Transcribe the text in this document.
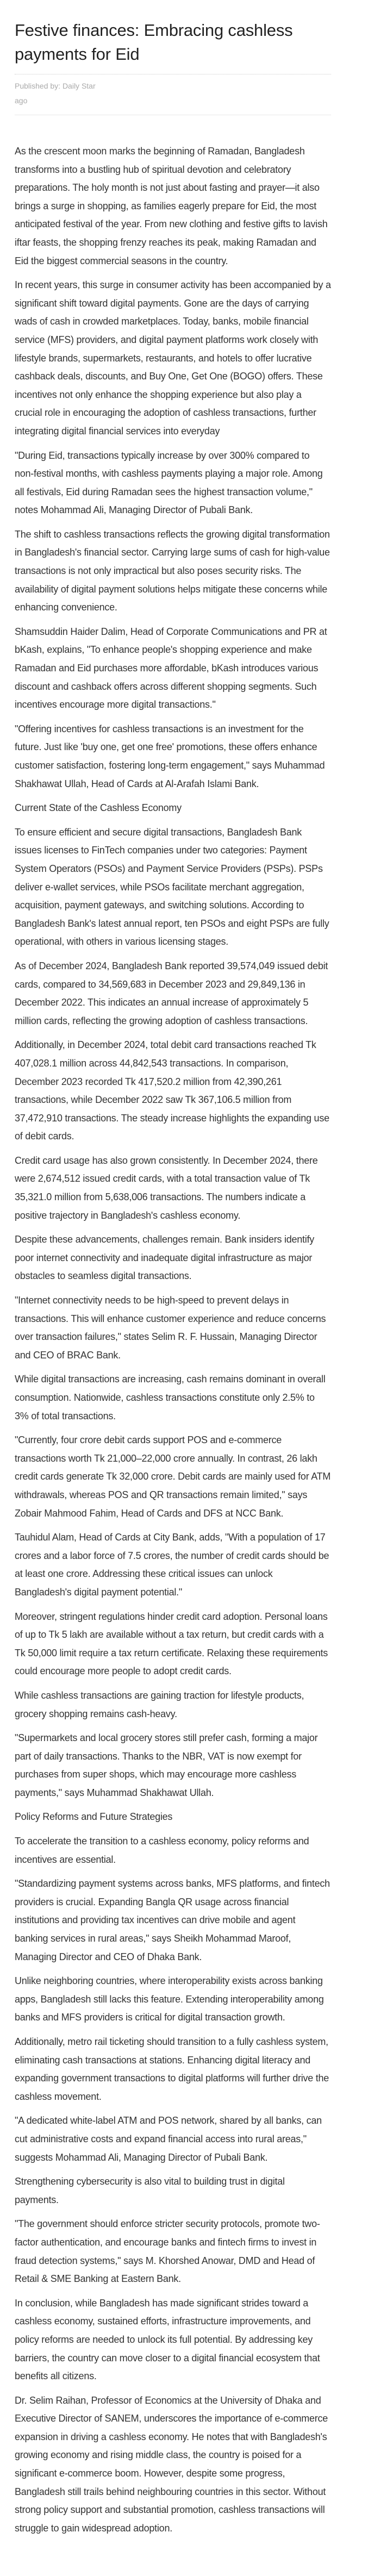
Festive finances: Embracing cashless payments for Eid
Published by: Daily Star
ago

As the crescent moon marks the beginning of Ramadan, Bangladesh transforms into a bustling hub of spiritual devotion and celebratory preparations. The holy month is not just about fasting and prayer—it also brings a surge in shopping, as families eagerly prepare for Eid, the most anticipated festival of the year. From new clothing and festive gifts to lavish iftar feasts, the shopping frenzy reaches its peak, making Ramadan and Eid the biggest commercial seasons in the country.

In recent years, this surge in consumer activity has been accompanied by a significant shift toward digital payments. Gone are the days of carrying wads of cash in crowded marketplaces. Today, banks, mobile financial service (MFS) providers, and digital payment platforms work closely with lifestyle brands, supermarkets, restaurants, and hotels to offer lucrative cashback deals, discounts, and Buy One, Get One (BOGO) offers. These incentives not only enhance the shopping experience but also play a crucial role in encouraging the adoption of cashless transactions, further integrating digital financial services into everyday

"During Eid, transactions typically increase by over 300% compared to non-festival months, with cashless payments playing a major role. Among all festivals, Eid during Ramadan sees the highest transaction volume," notes Mohammad Ali, Managing Director of Pubali Bank.

The shift to cashless transactions reflects the growing digital transformation in Bangladesh's financial sector. Carrying large sums of cash for high-value transactions is not only impractical but also poses security risks. The availability of digital payment solutions helps mitigate these concerns while enhancing convenience.

Shamsuddin Haider Dalim, Head of Corporate Communications and PR at bKash, explains, "To enhance people's shopping experience and make Ramadan and Eid purchases more affordable, bKash introduces various discount and cashback offers across different shopping segments. Such incentives encourage more digital transactions."

"Offering incentives for cashless transactions is an investment for the future. Just like 'buy one, get one free' promotions, these offers enhance customer satisfaction, fostering long-term engagement," says Muhammad Shakhawat Ullah, Head of Cards at Al-Arafah Islami Bank.

Current State of the Cashless Economy

To ensure efficient and secure digital transactions, Bangladesh Bank issues licenses to FinTech companies under two categories: Payment System Operators (PSOs) and Payment Service Providers (PSPs). PSPs deliver e-wallet services, while PSOs facilitate merchant aggregation, acquisition, payment gateways, and switching solutions. According to Bangladesh Bank's latest annual report, ten PSOs and eight PSPs are fully operational, with others in various licensing stages.

As of December 2024, Bangladesh Bank reported 39,574,049 issued debit cards, compared to 34,569,683 in December 2023 and 29,849,136 in December 2022. This indicates an annual increase of approximately 5 million cards, reflecting the growing adoption of cashless transactions.

Additionally, in December 2024, total debit card transactions reached Tk 407,028.1 million across 44,842,543 transactions. In comparison, December 2023 recorded Tk 417,520.2 million from 42,390,261 transactions, while December 2022 saw Tk 367,106.5 million from 37,472,910 transactions. The steady increase highlights the expanding use of debit cards.

Credit card usage has also grown consistently. In December 2024, there were 2,674,512 issued credit cards, with a total transaction value of Tk 35,321.0 million from 5,638,006 transactions. The numbers indicate a positive trajectory in Bangladesh's cashless economy.

Despite these advancements, challenges remain. Bank insiders identify poor internet connectivity and inadequate digital infrastructure as major obstacles to seamless digital transactions.

"Internet connectivity needs to be high-speed to prevent delays in transactions. This will enhance customer experience and reduce concerns over transaction failures," states Selim R. F. Hussain, Managing Director and CEO of BRAC Bank.

While digital transactions are increasing, cash remains dominant in overall consumption. Nationwide, cashless transactions constitute only 2.5% to 3% of total transactions.

"Currently, four crore debit cards support POS and e-commerce transactions worth Tk 21,000–22,000 crore annually. In contrast, 26 lakh credit cards generate Tk 32,000 crore. Debit cards are mainly used for ATM withdrawals, whereas POS and QR transactions remain limited," says Zobair Mahmood Fahim, Head of Cards and DFS at NCC Bank.

Tauhidul Alam, Head of Cards at City Bank, adds, "With a population of 17 crores and a labor force of 7.5 crores, the number of credit cards should be at least one crore. Addressing these critical issues can unlock Bangladesh's digital payment potential."

Moreover, stringent regulations hinder credit card adoption. Personal loans of up to Tk 5 lakh are available without a tax return, but credit cards with a Tk 50,000 limit require a tax return certificate. Relaxing these requirements could encourage more people to adopt credit cards.

While cashless transactions are gaining traction for lifestyle products, grocery shopping remains cash-heavy.

"Supermarkets and local grocery stores still prefer cash, forming a major part of daily transactions. Thanks to the NBR, VAT is now exempt for purchases from super shops, which may encourage more cashless payments," says Muhammad Shakhawat Ullah.

Policy Reforms and Future Strategies

To accelerate the transition to a cashless economy, policy reforms and incentives are essential.

"Standardizing payment systems across banks, MFS platforms, and fintech providers is crucial. Expanding Bangla QR usage across financial institutions and providing tax incentives can drive mobile and agent banking services in rural areas," says Sheikh Mohammad Maroof, Managing Director and CEO of Dhaka Bank.

Unlike neighboring countries, where interoperability exists across banking apps, Bangladesh still lacks this feature. Extending interoperability among banks and MFS providers is critical for digital transaction growth.

Additionally, metro rail ticketing should transition to a fully cashless system, eliminating cash transactions at stations. Enhancing digital literacy and expanding government transactions to digital platforms will further drive the cashless movement.

"A dedicated white-label ATM and POS network, shared by all banks, can cut administrative costs and expand financial access into rural areas," suggests Mohammad Ali, Managing Director of Pubali Bank.

Strengthening cybersecurity is also vital to building trust in digital payments.

"The government should enforce stricter security protocols, promote two-factor authentication, and encourage banks and fintech firms to invest in fraud detection systems," says M. Khorshed Anowar, DMD and Head of Retail & SME Banking at Eastern Bank.

In conclusion, while Bangladesh has made significant strides toward a cashless economy, sustained efforts, infrastructure improvements, and policy reforms are needed to unlock its full potential. By addressing key barriers, the country can move closer to a digital financial ecosystem that benefits all citizens.

Dr. Selim Raihan, Professor of Economics at the University of Dhaka and Executive Director of SANEM, underscores the importance of e-commerce expansion in driving a cashless economy. He notes that with Bangladesh's growing economy and rising middle class, the country is poised for a significant e-commerce boom. However, despite some progress, Bangladesh still trails behind neighbouring countries in this sector. Without strong policy support and substantial promotion, cashless transactions will struggle to gain widespread adoption.
